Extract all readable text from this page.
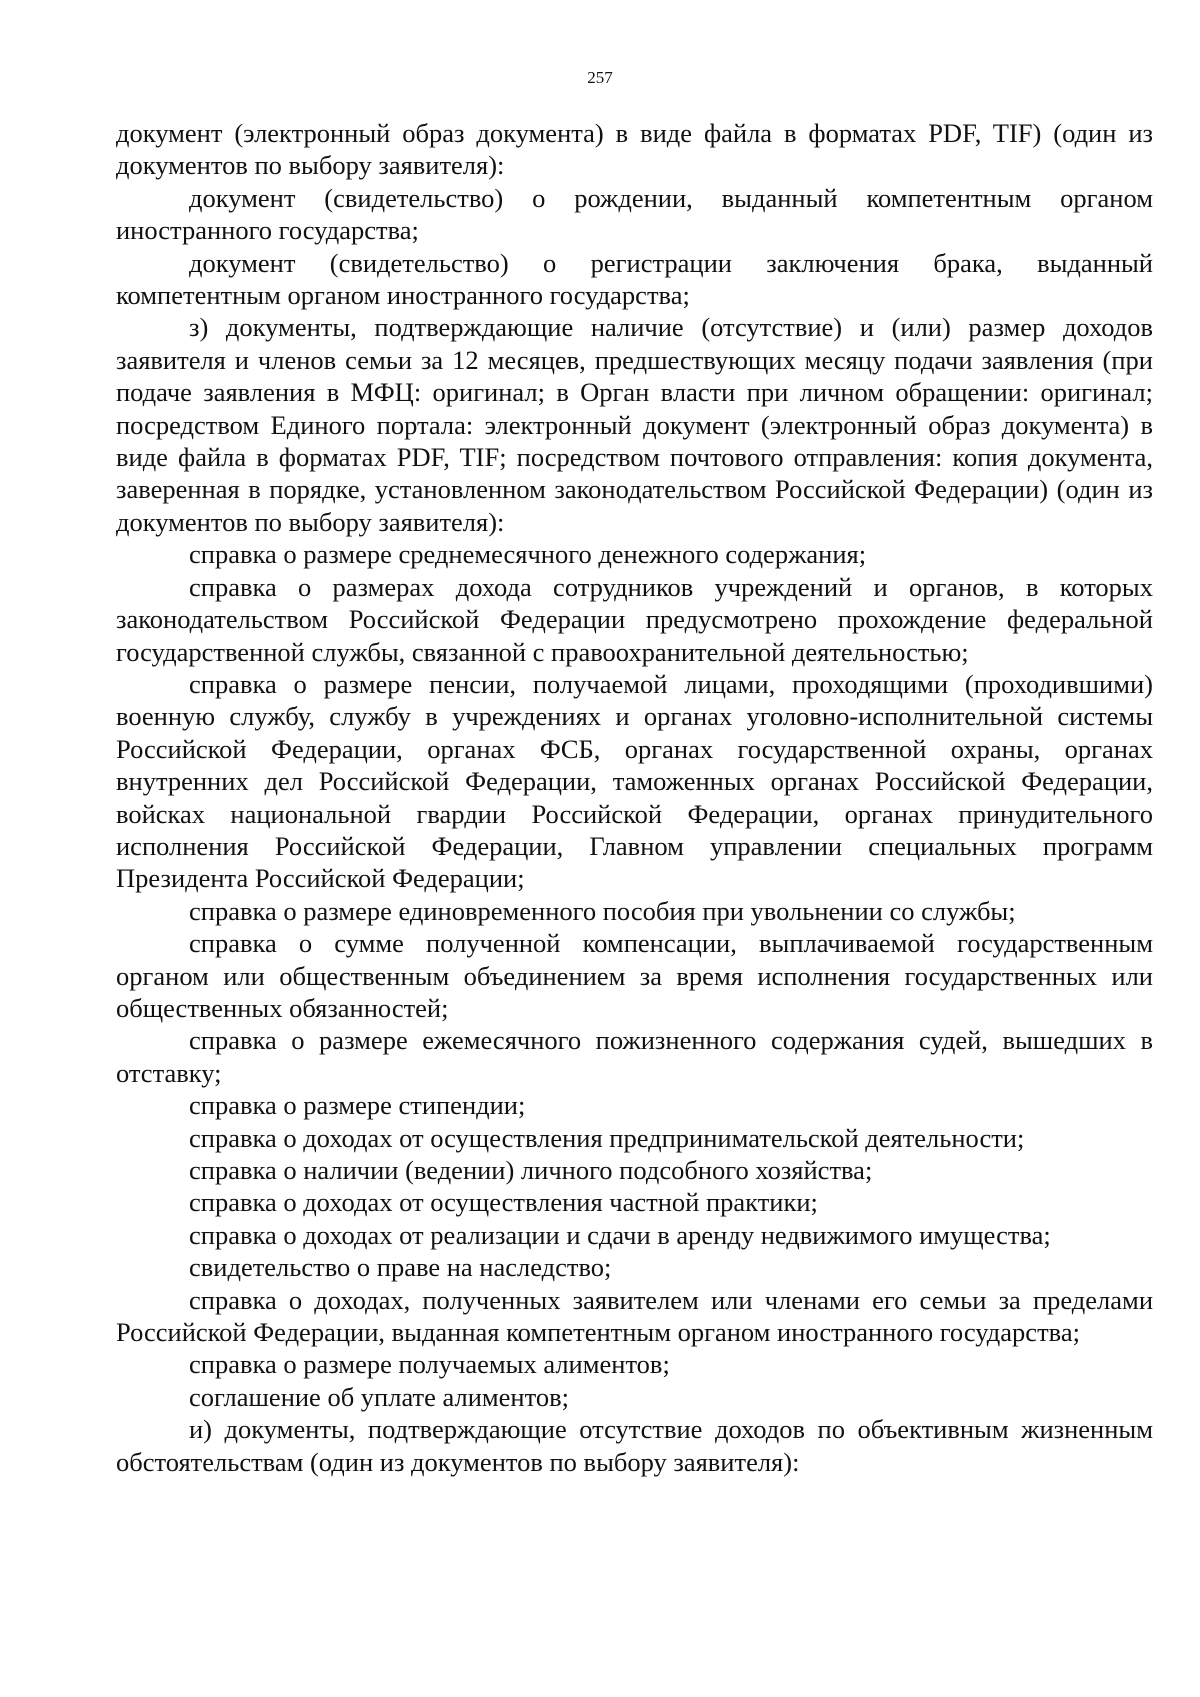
257

документ (электронный образ документа) в виде файла в форматах PDF, TIF) (один из документов по выбору заявителя):

документ (свидетельство) о рождении, выданный компетентным органом иностранного государства;

документ (свидетельство) о регистрации заключения брака, выданный компетентным органом иностранного государства;

з) документы, подтверждающие наличие (отсутствие) и (или) размер доходов заявителя и членов семьи за 12 месяцев, предшествующих месяцу подачи заявления (при подаче заявления в МФЦ: оригинал; в Орган власти при личном обращении: оригинал; посредством Единого портала: электронный документ (электронный образ документа) в виде файла в форматах PDF, TIF; посредством почтового отправления: копия документа, заверенная в порядке, установленном законодательством Российской Федерации) (один из документов по выбору заявителя):

справка о размере среднемесячного денежного содержания;

справка о размерах дохода сотрудников учреждений и органов, в которых законодательством Российской Федерации предусмотрено прохождение федеральной государственной службы, связанной с правоохранительной деятельностью;

справка о размере пенсии, получаемой лицами, проходящими (проходившими) военную службу, службу в учреждениях и органах уголовно-исполнительной системы Российской Федерации, органах ФСБ, органах государственной охраны, органах внутренних дел Российской Федерации, таможенных органах Российской Федерации, войсках национальной гвардии Российской Федерации, органах принудительного исполнения Российской Федерации, Главном управлении специальных программ Президента Российской Федерации;

справка о размере единовременного пособия при увольнении со службы;

справка о сумме полученной компенсации, выплачиваемой государственным органом или общественным объединением за время исполнения государственных или общественных обязанностей;

справка о размере ежемесячного пожизненного содержания судей, вышедших в отставку;

справка о размере стипендии;

справка о доходах от осуществления предпринимательской деятельности;

справка о наличии (ведении) личного подсобного хозяйства;

справка о доходах от осуществления частной практики;

справка о доходах от реализации и сдачи в аренду недвижимого имущества;

свидетельство о праве на наследство;

справка о доходах, полученных заявителем или членами его семьи за пределами Российской Федерации, выданная компетентным органом иностранного государства;

справка о размере получаемых алиментов;

соглашение об уплате алиментов;

и) документы, подтверждающие отсутствие доходов по объективным жизненным обстоятельствам (один из документов по выбору заявителя):
